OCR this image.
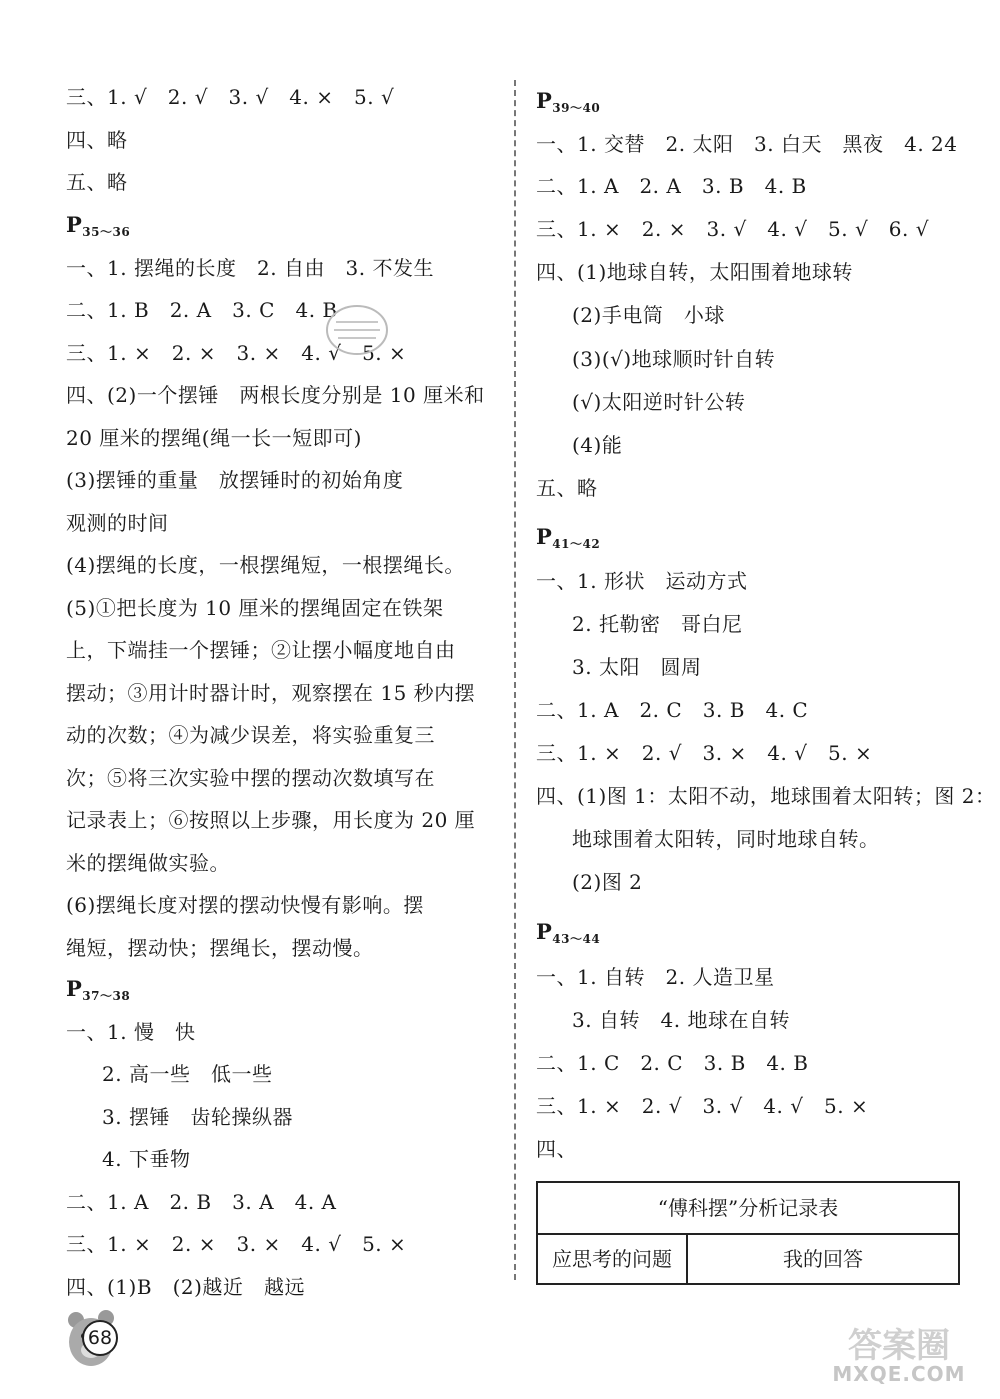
三、1. √   2. √   3. √   4. ×   5. √
四、略
五、略
$P_{35\sim 36}$
一、1. 摆绳的长度   2. 自由   3. 不发生
二、1. B   2. A   3. C   4. B
三、1. ×   2. ×   3. ×   4. √   5. ×
四、(2)一个摆锤   两根长度分别是 10 厘米和
20 厘米的摆绳(绳一长一短即可)
(3)摆锤的重量   放摆锤时的初始角度
观测的时间
(4)摆绳的长度，一根摆绳短，一根摆绳长。
(5)①把长度为 10 厘米的摆绳固定在铁架
上，下端挂一个摆锤；②让摆小幅度地自由
摆动；③用计时器计时，观察摆在 15 秒内摆
动的次数；④为减少误差，将实验重复三
次；⑤将三次实验中摆的摆动次数填写在
记录表上；⑥按照以上步骤，用长度为 20 厘
米的摆绳做实验。
(6)摆绳长度对摆的摆动快慢有影响。摆
绳短，摆动快；摆绳长，摆动慢。
$P_{37\sim 38}$
一、1. 慢   快
2. 高一些   低一些
3. 摆锤   齿轮操纵器
4. 下垂物
二、1. A   2. B   3. A   4. A
三、1. ×   2. ×   3. ×   4. √   5. ×
四、(1)B   (2)越近   越远
$P_{39\sim 40}$
一、1. 交替   2. 太阳   3. 白天   黑夜   4. 24
二、1. A   2. A   3. B   4. B
三、1. ×   2. ×   3. √   4. √   5. √   6. √
四、(1)地球自转，太阳围着地球转
(2)手电筒   小球
(3)(√)地球顺时针自转
(√)太阳逆时针公转
(4)能
五、略
$P_{41\sim 42}$
一、1. 形状   运动方式
2. 托勒密   哥白尼
3. 太阳   圆周
二、1. A   2. C   3. B   4. C
三、1. ×   2. √   3. ×   4. √   5. ×
四、(1)图 1：太阳不动，地球围着太阳转；图 2：
地球围着太阳转，同时地球自转。
(2)图 2
$P_{43\sim 44}$
一、1. 自转   2. 人造卫星
3. 自转   4. 地球在自转
二、1. C   2. C   3. B   4. B
三、1. ×   2. √   3. √   4. √   5. ×
四、
“傅科摆”分析记录表
应思考的问题	我的回答
68	答案圈
MXQE.COM
